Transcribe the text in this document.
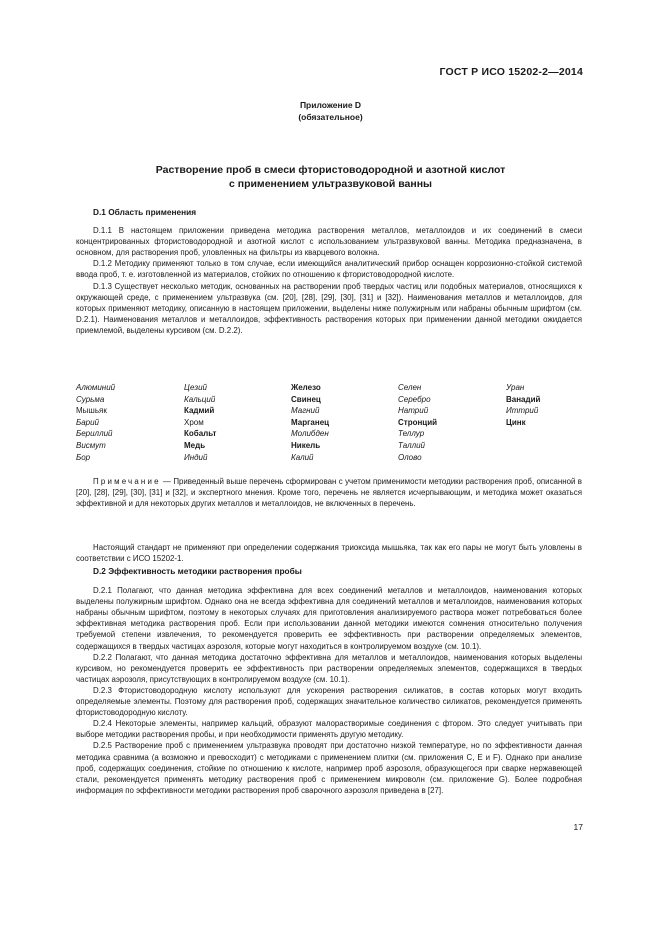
ГОСТ Р ИСО 15202-2—2014
Приложение D
(обязательное)
Растворение проб в смеси фтористоводородной и азотной кислот
с применением ультразвуковой ванны

D.1 Область применения

D.1.1 В настоящем приложении приведена методика растворения металлов, металлоидов и их соединений в смеси концентрированных фтористоводородной и азотной кислот с использованием ультразвуковой ванны. Методика предназначена, в основном, для растворения проб, уловленных на фильтры из кварцевого волокна.

D.1.2 Методику применяют только в том случае, если имеющийся аналитический прибор оснащен коррозионно-стойкой системой ввода проб, т. е. изготовленной из материалов, стойких по отношению к фтористоводородной кислоте.

D.1.3 Существует несколько методик, основанных на растворении проб твердых частиц или подобных материалов, относящихся к окружающей среде, с применением ультразвука (см. [20], [28], [29], [30], [31] и [32]). Наименования металлов и металлоидов, для которых применяют методику, описанную в настоящем приложении, выделены ниже полужирным или набраны обычным шрифтом (см. D.2.1). Наименования металлов и металлоидов, эффективность растворения которых при применении данной методики ожидается приемлемой, выделены курсивом (см. D.2.2).

Алюминий
Сурьма
Мышьяк
Барий
Бериллий
Висмут
Бор
Цезий
Кальций
Кадмий
Хром
Кобальт
Медь
Индий
Железо
Свинец
Магний
Марганец
Молибден
Никель
Калий
Селен
Серебро
Натрий
Стронций
Теллур
Таллий
Олово
Уран
Ванадий
Иттрий
Цинк

Примечание — Приведенный выше перечень сформирован с учетом применимости методики растворения проб, описанной в [20], [28], [29], [30], [31] и [32], и экспертного мнения. Кроме того, перечень не является исчерпывающим, и методика может оказаться эффективной и для некоторых других металлов и металлоидов, не включенных в перечень.

Настоящий стандарт не применяют при определении содержания триоксида мышьяка, так как его пары не могут быть уловлены в соответствии с ИСО 15202-1.

D.2 Эффективность методики растворения пробы

D.2.1 Полагают, что данная методика эффективна для всех соединений металлов и металлоидов, наименования которых выделены полужирным шрифтом. Однако она не всегда эффективна для соединений металлов и металлоидов, наименования которых набраны обычным шрифтом, поэтому в некоторых случаях для приготовления анализируемого раствора может потребоваться более эффективная методика растворения проб. Если при использовании данной методики имеются сомнения относительно получения требуемой степени извлечения, то рекомендуется проверить ее эффективность при растворении определяемых элементов, содержащихся в твердых частицах аэрозоля, которые могут находиться в контролируемом воздухе (см. 10.1).

D.2.2 Полагают, что данная методика достаточно эффективна для металлов и металлоидов, наименования которых выделены курсивом, но рекомендуется проверить ее эффективность при растворении определяемых элементов, содержащихся в твердых частицах аэрозоля, присутствующих в контролируемом воздухе (см. 10.1).

D.2.3 Фтористоводородную кислоту используют для ускорения растворения силикатов, в состав которых могут входить определяемые элементы. Поэтому для растворения проб, содержащих значительное количество силикатов, рекомендуется применять фтористоводородную кислоту.

D.2.4 Некоторые элементы, например кальций, образуют малорастворимые соединения с фтором. Это следует учитывать при выборе методики растворения пробы, и при необходимости применять другую методику.

D.2.5 Растворение проб с применением ультразвука проводят при достаточно низкой температуре, но по эффективности данная методика сравнима (а возможно и превосходит) с методиками с применением плитки (см. приложения C, E и F). Однако при анализе проб, содержащих соединения, стойкие по отношению к кислоте, например проб аэрозоля, образующегося при сварке нержавеющей стали, рекомендуется применять методику растворения проб с применением микроволн (см. приложение G). Более подробная информация по эффективности методики растворения проб сварочного аэрозоля приведена в [27].

17
